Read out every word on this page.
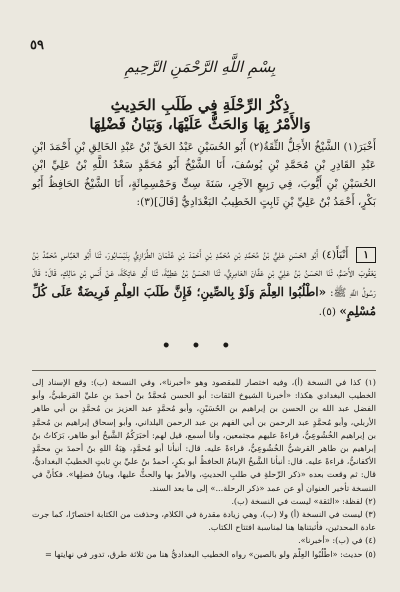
٥٩
بِسْمِ اللَّهِ الرَّحْمَنِ الرَّحِيمِ
ذِكْرُ الرِّحْلَةِ فِي طَلَبِ الحَدِيثِ
وَالأَمْرُ بِهَا وَالحَثُّ عَلَيْهَا، وَبَيَانُ فَضْلِهَا

أَخْبَرَ(١) الشَّيْخُ الأَجَلُّ الثِّقَةُ(٢) أَبُو الحُسَيْنِ عَبْدُ الحَقِّ بْنُ عَبْدِ الخَالِقِ بْنِ أَحْمَدَ ابْنِ عَبْدِ القَادِرِ بْنِ مُحَمَّدِ بْنِ يُوسُفَ، أَنَا الشَّيْخُ أَبُو مُحَمَّدٍ سَعْدُ اللَّهِ بْنُ عَلِيِّ ابْنِ الحُسَيْنِ بْنِ أَيُّوبَ، فِي رَبِيعٍ الآخِرِ، سَنَةَ سِتٍّ وَخَمْسِمِائَةٍ، أَنَا الشَّيْخُ الحَافِظُ أَبُو بَكْرٍ، أَحْمَدُ بْنُ عَلِيِّ بْنِ ثَابِتٍ الخَطِيبُ البَغْدَادِيُّ [قَالَ](٣):

١ أَنْبَأَ(٤) أَبُو الحَسَنِ عَلِيُّ بْنُ مُحَمَّدِ بْنِ مُحَمَّدِ بْنِ أَحْمَدَ بْنِ عُثْمَانَ الطِّرَازِيُّ بِنَيْسَابُورَ، ثَنَا أَبُو العَبَّاسِ مُحَمَّدُ بْنُ يَعْقُوبَ الأَصَمُّ، ثَنَا الحَسَنُ بْنُ عَلِيِّ بْنِ عَفَّانَ العَامِرِيُّ، ثَنَا الحَسَنُ بْنُ عَطِيَّةَ، ثَنَا أَبُو عَاتِكَةَ، عَنْ أَنَسِ بْنِ مَالِكٍ، قَالَ: قَالَ رَسُولُ اللَّهِ ﷺ: «اطْلُبُوا العِلْمَ وَلَوْ بِالصِّينِ؛ فَإِنَّ طَلَبَ العِلْمِ فَرِيضَةٌ عَلَى كُلِّ مُسْلِمٍ» (٥).
• • •

(١) كذا في النسخة (أ)، وفيه اختصار للمقصود وهو «أخبرنا»، وفي النسخة (ب): وقع الإسناد إلى الخطيب البغدادي هكذا: «أخبرنا الشيوخ الثقات: أبو الحسن مُحمَّدُ بنُ أحمدَ بنِ عليِّ القرطبيُّ، وأبو الفضل عبد الله بن الحسن بن إبراهيم بن الحُسَيْنِ، وأبو مُحمَّدٍ عبد العزيز بن مُحمَّدِ بن أبي طاهر الأربلي، وأبو مُحمَّدٍ عبد الرحمن بن أبي الفهم بن عبد الرحمن اليلداني، وأبو إسحاق إبراهيم بن مُحمَّدِ بن إبراهيم الخُشُوعِيُّ، قراءةً عليهم مجتمعين، وأنا أسمع، قيل لهم: أخبَرَكُمُ الشَّيخُ أبو طاهر، بَرَكاتُ بنُ إبراهيم بن طاهر القرشيُّ الخُشُوعِيُّ، قراءةً عليه. قال: أنبأنا أبو مُحمَّدٍ، هِبَةُ اللهِ بنُ أحمدَ بنِ محمَّدٍ الأكفانيُّ، قراءةً عليه. قال: أنبأنا الشَّيخُ الإمامُ الحافظُ أبو بكرٍ، أحمدُ بنُ عليِّ بنِ ثابتٍ الخطيبُ البغداديُّ، قال: ثم وقعت بعده «ذكر الرِّحلةِ في طلبِ الحديثِ، والأمرُ بها والحثُّ عليها، وبيانُ فضلِها». فكأنَّ في النسخة تأخير العنوان أو عن عمد «ذكر الرحلة...» إلى ما بعد السند.

(٢) لفظة: «الثقة» ليست في النسخة (ب).

(٣) ليست في النسخة (أ) ولا (ب)، وهي زيادة مقدرة في الكلام، وحذفت من الكتابة اختصارًا، كما جرت عادة المحدثين، فأثبتناها هنا لمناسبة افتتاح الكتاب.

(٤) في (ب): «أخبرنا».

(٥) حديث: «اطْلُبُوا العِلْمَ ولو بالصين» رواه الخطيب البغداديُّ هنا من ثلاثة طرق، تدور في نهايتها =
